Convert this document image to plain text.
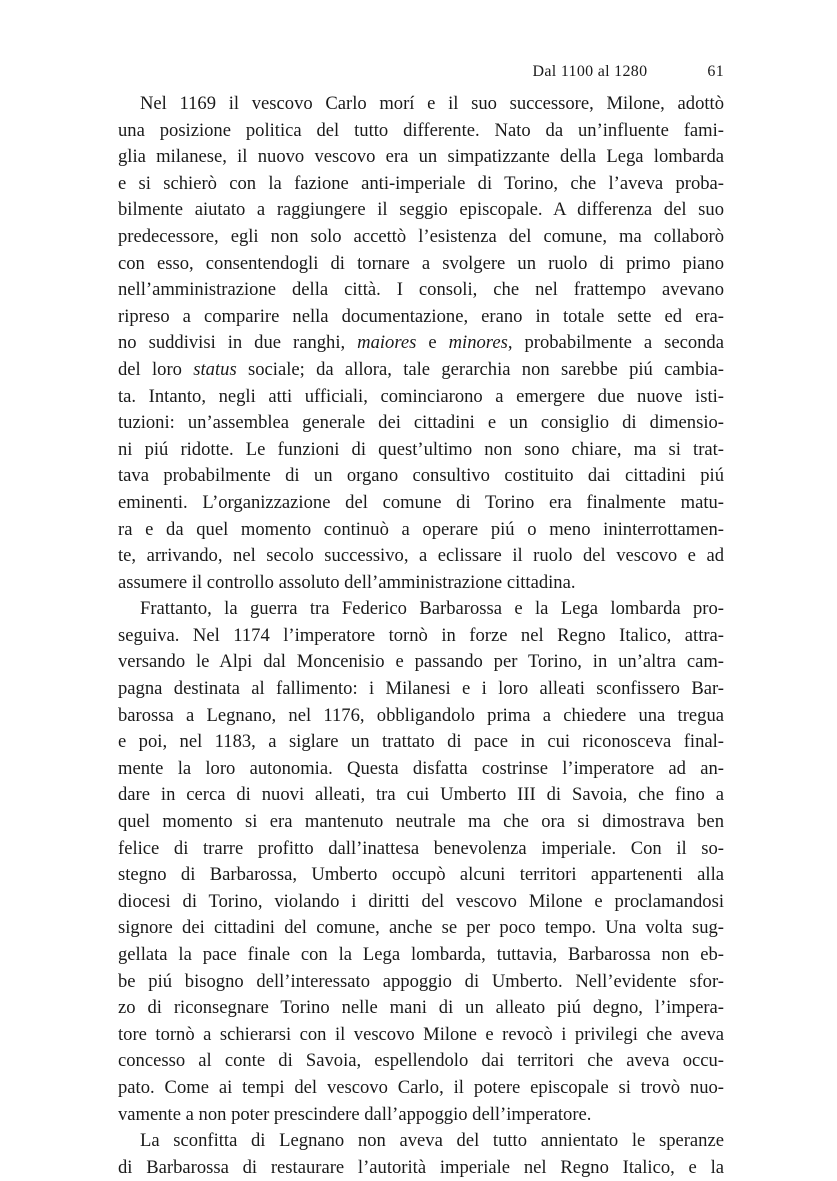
Dal 1100 al 1280	61
Nel 1169 il vescovo Carlo morí e il suo successore, Milone, adottò
una posizione politica del tutto differente. Nato da un’influente fami-
glia milanese, il nuovo vescovo era un simpatizzante della Lega lombarda
e si schierò con la fazione anti-imperiale di Torino, che l’aveva proba-
bilmente aiutato a raggiungere il seggio episcopale. A differenza del suo
predecessore, egli non solo accettò l’esistenza del comune, ma collaborò
con esso, consentendogli di tornare a svolgere un ruolo di primo piano
nell’amministrazione della città. I consoli, che nel frattempo avevano
ripreso a comparire nella documentazione, erano in totale sette ed era-
no suddivisi in due ranghi, maiores e minores, probabilmente a seconda
del loro status sociale; da allora, tale gerarchia non sarebbe piú cambia-
ta. Intanto, negli atti ufficiali, cominciarono a emergere due nuove isti-
tuzioni: un’assemblea generale dei cittadini e un consiglio di dimensio-
ni piú ridotte. Le funzioni di quest’ultimo non sono chiare, ma si trat-
tava probabilmente di un organo consultivo costituito dai cittadini piú
eminenti. L’organizzazione del comune di Torino era finalmente matu-
ra e da quel momento continuò a operare piú o meno ininterrottamen-
te, arrivando, nel secolo successivo, a eclissare il ruolo del vescovo e ad
assumere il controllo assoluto dell’amministrazione cittadina.
Frattanto, la guerra tra Federico Barbarossa e la Lega lombarda pro-
seguiva. Nel 1174 l’imperatore tornò in forze nel Regno Italico, attra-
versando le Alpi dal Moncenisio e passando per Torino, in un’altra cam-
pagna destinata al fallimento: i Milanesi e i loro alleati sconfissero Bar-
barossa a Legnano, nel 1176, obbligandolo prima a chiedere una tregua
e poi, nel 1183, a siglare un trattato di pace in cui riconosceva final-
mente la loro autonomia. Questa disfatta costrinse l’imperatore ad an-
dare in cerca di nuovi alleati, tra cui Umberto III di Savoia, che fino a
quel momento si era mantenuto neutrale ma che ora si dimostrava ben
felice di trarre profitto dall’inattesa benevolenza imperiale. Con il so-
stegno di Barbarossa, Umberto occupò alcuni territori appartenenti alla
diocesi di Torino, violando i diritti del vescovo Milone e proclamandosi
signore dei cittadini del comune, anche se per poco tempo. Una volta sug-
gellata la pace finale con la Lega lombarda, tuttavia, Barbarossa non eb-
be piú bisogno dell’interessato appoggio di Umberto. Nell’evidente sfor-
zo di riconsegnare Torino nelle mani di un alleato piú degno, l’impera-
tore tornò a schierarsi con il vescovo Milone e revocò i privilegi che aveva
concesso al conte di Savoia, espellendolo dai territori che aveva occu-
pato. Come ai tempi del vescovo Carlo, il potere episcopale si trovò nuo-
vamente a non poter prescindere dall’appoggio dell’imperatore.
La sconfitta di Legnano non aveva del tutto annientato le speranze
di Barbarossa di restaurare l’autorità imperiale nel Regno Italico, e la
